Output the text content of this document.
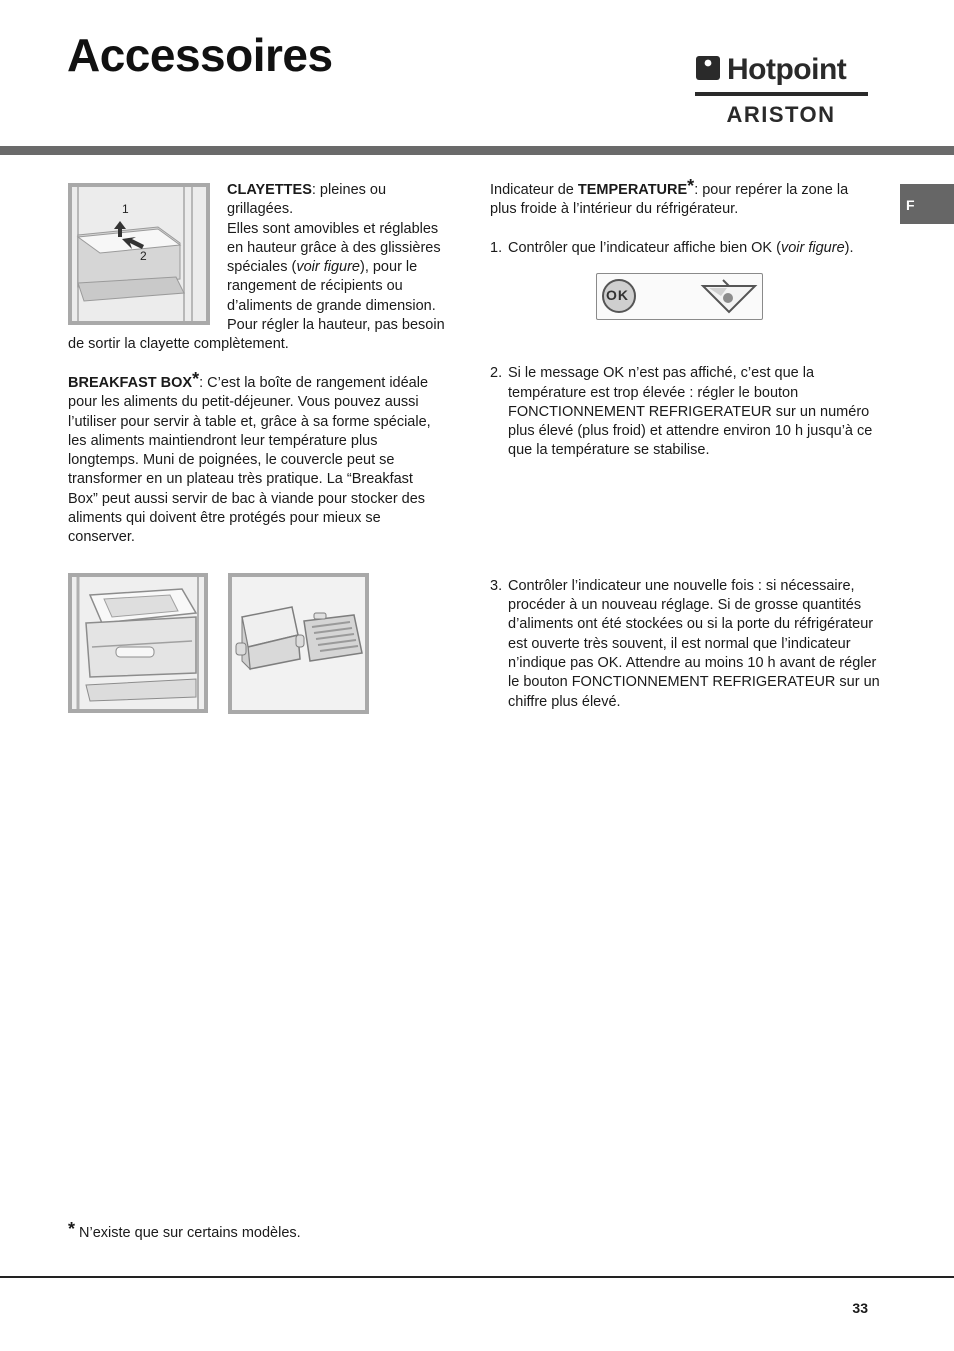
Accessoires	Hotpoint
ARISTON
F
1
2

CLAYETTES: pleines ou grillagées.

Elles sont amovibles et réglables en hauteur grâce à des glissières spéciales (voir figure), pour le rangement de récipients ou d’aliments de grande dimension. Pour régler la hauteur, pas besoin de sortir la clayette complètement.

BREAKFAST BOX*: C’est la boîte de rangement idéale pour les aliments du petit-déjeuner. Vous pouvez aussi l’utiliser pour servir à table et, grâce à sa forme spéciale, les aliments maintiendront leur température plus longtemps. Muni de poignées, le couvercle peut se transformer en un plateau très pratique. La “Breakfast Box” peut aussi servir de bac à viande pour stocker des aliments qui doivent être protégés pour mieux se conserver.

Indicateur de TEMPERATURE*: pour repérer la zone la plus froide à l’intérieur du réfrigérateur.

1. Contrôler que l’indicateur affiche bien OK (voir figure).
OK
2. Si le message OK n’est pas affiché, c’est que la température est trop élevée : régler le bouton FONCTIONNEMENT REFRIGERATEUR sur un numéro plus élevé (plus froid) et attendre environ 10 h jusqu’à ce que la température se stabilise.
3. Contrôler l’indicateur une nouvelle fois : si nécessaire, procéder à un nouveau réglage. Si de grosse quantités d’aliments ont été stockées ou si la porte du réfrigérateur est ouverte très souvent, il est normal que l’indicateur n’indique pas OK. Attendre au moins 10 h avant de régler le bouton FONCTIONNEMENT REFRIGERATEUR sur un chiffre plus élevé.
* N’existe que sur certains modèles.
33
